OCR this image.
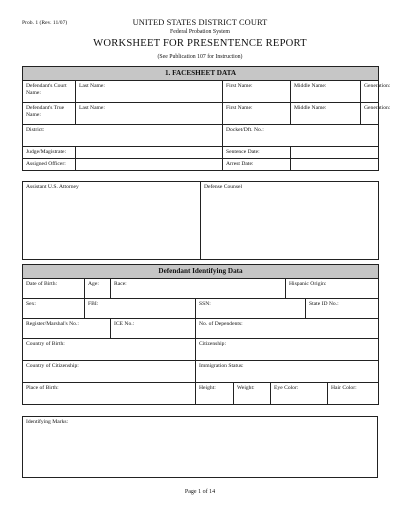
Prob. 1 (Rev. 11/07)	UNITED STATES DISTRICT COURT
Federal Probation System
WORKSHEET FOR PRESENTENCE REPORT
(See Publication 107 for Instruction)
1. FACESHEET DATA				
Defendant's Court Name:	Last Name:	First Name:	Middle Name:	Generation:
Defendant's True Name:	Last Name:	First Name:	Middle Name:	Generation:
District:		Docket/Dft. No.:		
Judge/Magistrate:		Sentence Date:		
Assigned Officer:		Arrest Date:		
Assistant U.S. Attorney	Defense Counsel
Defendant Identifying Data								
Date of Birth:	Age:	Race:				Hispanic Origin:		
Sex:	FBI:		SSN:				State ID No.:	
Register/Marshal's No.:		ICE No.:	No. of Dependents:					
Country of Birth:			Citizenship:					
Country of Citizenship:			Immigration Status:					
Place of Birth:			Height:	Weight:	Eye Color:			Hair Color:
Identifying Marks:
Page 1 of 14
